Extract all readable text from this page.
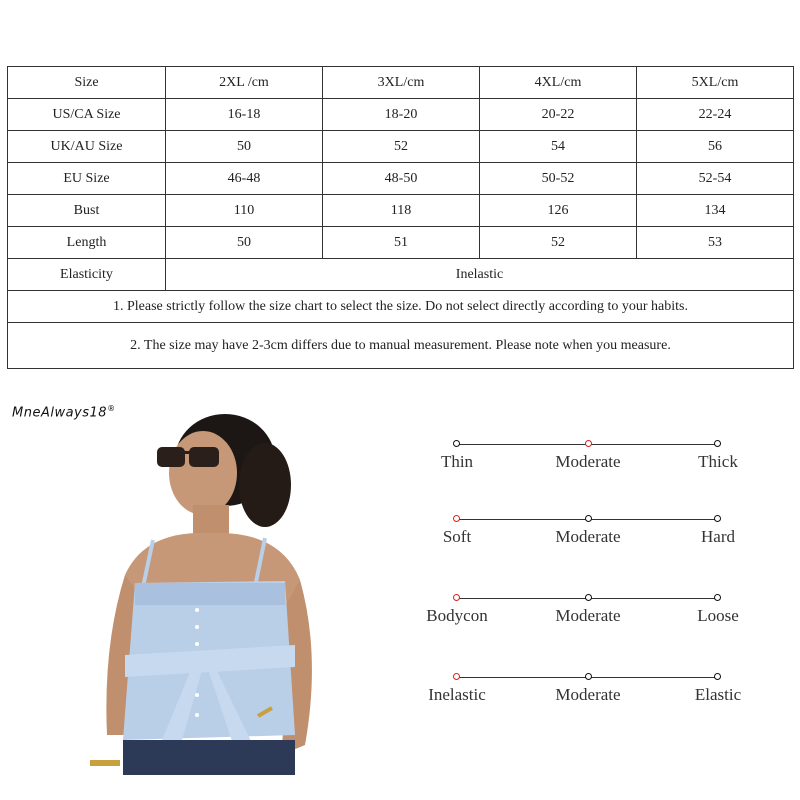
Size	2XL /cm	3XL/cm	4XL/cm	5XL/cm
US/CA Size	16-18	18-20	20-22	22-24
UK/AU Size	50	52	54	56
EU Size	46-48	48-50	50-52	52-54
Bust	110	118	126	134
Length	50	51	52	53
Elasticity	Inelastic			
1. Please strictly follow the size chart to select the size. Do not select directly according to your habits.				
2. The size may have 2-3cm differs due to manual measurement. Please note when you measure.				
MneAlways18®
Thin	Moderate	Thick
Soft	Moderate	Hard
Bodycon	Moderate	Loose
Inelastic	Moderate	Elastic
